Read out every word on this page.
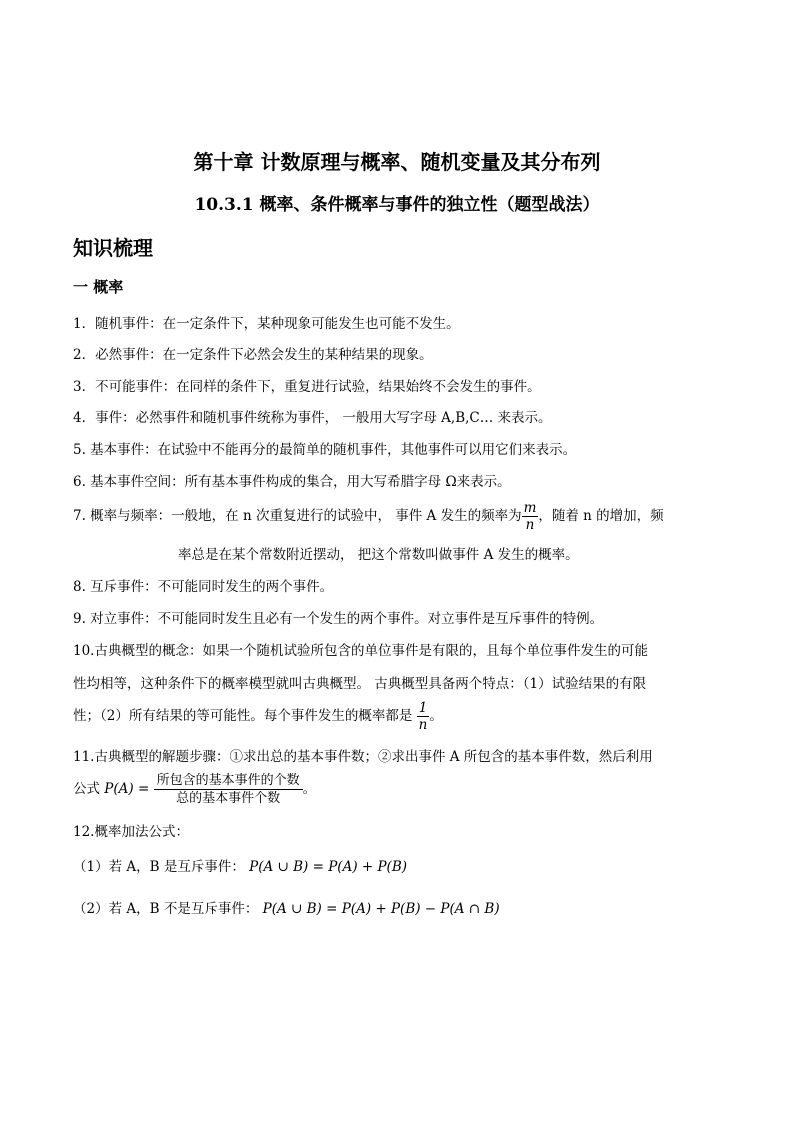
第十章 计数原理与概率、随机变量及其分布列
10.3.1 概率、条件概率与事件的独立性（题型战法）
知识梳理
一 概率
1．随机事件：在一定条件下，某种现象可能发生也可能不发生。
2．必然事件：在一定条件下必然会发生的某种结果的现象。
3．不可能事件：在同样的条件下，重复进行试验，结果始终不会发生的事件。
4．事件：必然事件和随机事件统称为事件， 一般用大写字母 A,B,C… 来表示。
5. 基本事件：在试验中不能再分的最简单的随机事件，其他事件可以用它们来表示。
6. 基本事件空间：所有基本事件构成的集合，用大写希腊字母 Ω来表示。
7. 概率与频率：一般地，在 n 次重复进行的试验中， 事件 A 发生的频率为 $\frac{m}{n}$ ，随着 n 的增加，频
率总是在某个常数附近摆动， 把这个常数叫做事件 A 发生的概率。
8. 互斥事件：不可能同时发生的两个事件。
9. 对立事件：不可能同时发生且必有一个发生的两个事件。对立事件是互斥事件的特例。
10.古典概型的概念：如果一个随机试验所包含的单位事件是有限的，且每个单位事件发生的可能
性均相等，这种条件下的概率模型就叫古典概型。 古典概型具备两个特点：（1）试验结果的有限
性；（2）所有结果的等可能性。每个事件发生的概率都是 $\frac{1}{n}$ 。
11.古典概型的解题步骤：①求出总的基本事件数；②求出事件 A 所包含的基本事件数，然后利用
公式 $P(A) = \frac{\text{所包含的基本事件的个数}}{\text{总的基本事件个数}}$ 。
12.概率加法公式：
（1）若 A，B 是互斥事件： P(A ∪ B) = P(A) + P(B)
（2）若 A，B 不是互斥事件： P(A ∪ B) = P(A) + P(B) − P(A ∩ B)
